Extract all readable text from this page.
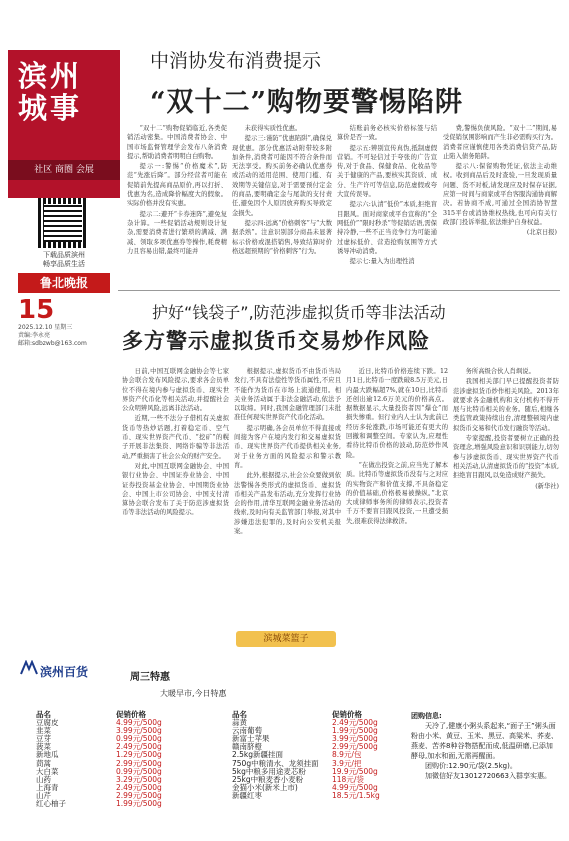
滨州城事
社区 商圈 会展
下载品质滨州
畅享品质生活
鲁北晚报
15
2025.12.10 星期三
责编:李永亮
邮箱:sdbzwb@163.com
中消协发布消费提示
“双十二”购物要警惕陷阱

“双十二”购物促销临近,各类促销活动密集。中国消费者协会、中国市场监督管理学会发布八条消费提示,帮助消费者明明白白购物。

提示一:警惕“价格魔术”,防范“先涨后降”。部分经营者可能在促销前先提高商品原价,再以打折、优惠为名,造成降价幅度大的假象。实际价格并没有实惠。

提示二:避开“卡券迷阵”,避免复杂计算。一些促销活动规则设计复杂,需要消费者进行繁琐的满减、满减、领取多项优惠券等操作,耗费精力且容易出错,最终可能并

未获得实质性优惠。

提示三:谨防“优惠陷阱”,确保兑现优惠。部分优惠活动附带较多附加条件,消费者可能因不符合条件而无法享受。购买前务必确认优惠券或活动的适用范围、使用门槛、有效期等关键信息,对于需要预付定金的商品,要明确定金与尾款的支付责任,避免因个人原因放弃购买导致定金损失。

提示四:远离“价格刺客”与“大数据杀熟”。注意识别部分商品未显著标示价格或混搭销售,导致结算时价格远超预期的“价格刺客”行为。

结账前务必核实价格标签与结算价是否一致。

提示五:辨别宣传真伪,抵制虚假营销。不可轻信过于夸张的广告宣传,对于食品、保健食品、化妆品等关于健康的产品,要核实其资质、成分、生产许可等信息,防范虚假或夸大宣传误导。

提示六:认清“低价”本质,拒绝盲目跟风。面对商家或平台宣称的“全网低价”“限时秒杀”等促销话语,需保持冷静,一些不正当竞争行为可能通过虚标低价、营造抢购氛围等方式诱导冲动消费。

提示七:量入为出理性消

费,警惕负债风险。“双十二”期间,易受促销氛围影响而产生非必需购买行为。消费者应谨慎使用各类消费信贷产品,防止陷入债务陷阱。

提示八:保留购物凭证,依法主动维权。收到商品后及时查验,一旦发现质量问题、货不对板,请发现应及时保存证据,应第一时间与商家或平台客服沟通协商解决。若协商不成,可通过全国消协智慧315平台或消协维权热线,也可向有关行政部门投诉举报,依法维护自身权益。

(北京日报)

护好“钱袋子”,防范涉虚拟货币等非法活动
多方警示虚拟货币交易炒作风险

日前,中国互联网金融协会等七家协会联合发布风险提示,要求各会员单位不得在境内参与虚拟货币、现实世界资产代币化等相关活动,并提醒社会公众明辨风险,远离非法活动。

近期,一些不法分子借机有关虚拟货币等热炒话题,打着稳定币、空气币、现实世界资产代币、“挖矿”的幌子开展非法集资、网络诈骗等非法活动,严重损害了社会公众的财产安全。

对此,中国互联网金融协会、中国银行业协会、中国证券业协会、中国证券投资基金业协会、中国期货业协会、中国上市公司协会、中国支付清算协会联合发布了关于防范涉虚拟货币等非法活动的风险提示。

根据提示,虚拟货币不由货币当局发行,不具有法偿性等货币属性,不应且不能作为货币在市场上流通使用。相关业务活动属于非法金融活动,依法予以取缔。同时,我国金融管理部门未批准任何现实世界资产代币化活动。

提示明确,各会员单位不得直接或间接为客户在境内发行和交易虚拟货币、现实世界资产代币提供相关业务,对于业务方面的风险提示和警示教育。

此外,根据提示,社会公众要做到依法警惕各类形式的虚拟货币、虚拟货币相关产品发布活动,充分发挥行业协会的作用,清华互联网金融业务活动的线索,及时向有关监管部门举报,对其中涉嫌违法犯罪的,及时向公安机关报案。

近日,比特币价格连续下跌。12月1日,比特币一度跌破8.5万美元,日内最大跌幅超7%,就在10日,比特币还创出逾12.6万美元的价格高点。据数据显示,大量投资者因“爆仓”而损失惨重。但行业内人士认为此前已经历多轮涨跌,市场可能还有更大的回撤和调整空间。专家认为,应理性看待比特币价格的波动,防范炒作风险。

“在做出投资之前,应当先了解本质。比特币等虚拟货币没有与之对应的实物资产和价值支撑,不具备稳定的价值基础,价格极易被操纵。”北京大成律师事务所的律师表示,投资者千万不要盲目跟风投资,一旦遭受损失,很难获得法律救济。

务所高级合伙人肖飒说。

我国相关部门早已提醒投资者防范涉虚拟货币炒作相关风险。2013年就要求各金融机构和支付机构不得开展与比特币相关的业务。随后,相继各类监管政策持续出台,清理整顿境内虚拟货币交易和代币发行融资等活动。

专家提醒,投资者要树立正确的投资理念,增强风险意识和识别能力,切勿参与涉虚拟货币、现实世界资产代币相关活动,认清虚拟货币的“投资”本质,拒绝盲目跟风,以免造成财产损失。

(新华社)

滨城菜篮子
滨州百货	周三特惠
大暖早市,今日特惠
品名	促销价格
豆腐皮	4.99元/500g
韭菜	3.99元/500g
豆芽	0.99元/500g
菠菜	2.49元/500g
新地瓜	1.29元/500g
茼蒿	2.99元/500g
大白菜	0.99元/500g
山药	3.29元/500g
上海青	2.49元/500g
山芹	2.99元/500g
红心柚子	1.99元/500g
品名	促销价格
蒜黄	2.49元/500g
云南葡萄	1.99元/500g
新富士苹果	3.99元/500g
赣南脐橙	2.99元/500g
2.5kg新疆挂面	8.9元/包
750g中粮清水、龙须挂面	3.9元/把
5kg中粮多用途麦芯粉	19.9元/500g
25kg中粮麦香小麦粉	118元/袋
金猫小米(新米上市)	4.99元/500g
新疆红枣	18.5元/1.5kg
团购信息:

天冷了,健康小粥头系起来,“面子王”粥头面粉由小米、黄豆、玉米、黑豆、高粱米、荞麦、燕麦、苦荞8种谷物搭配而成,低温研磨,已添加酵母,加水和面,无需再醒面。

团购价:12.90元/袋(2.5kg)。

加微信好友13012720663入群享实惠。
